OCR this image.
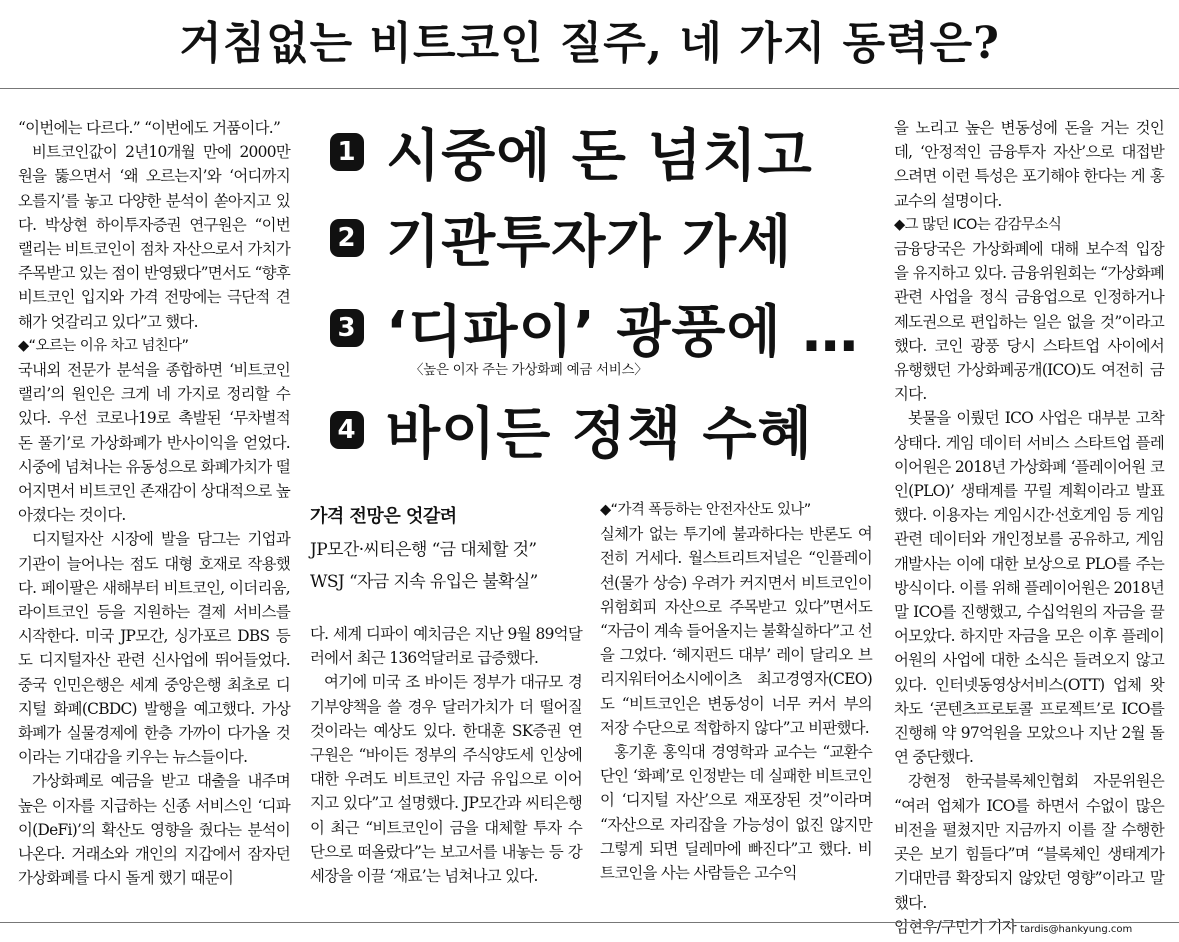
거침없는 비트코인 질주, 네 가지 동력은?

“이번에는 다르다.” “이번에도 거품이다.”

비트코인값이 2년10개월 만에 2000만원을 뚫으면서 ‘왜 오르는지’와 ‘어디까지 오를지’를 놓고 다양한 분석이 쏟아지고 있다. 박상현 하이투자증권 연구원은 “이번 랠리는 비트코인이 점차 자산으로서 가치가 주목받고 있는 점이 반영됐다”면서도 “향후 비트코인 입지와 가격 전망에는 극단적 견해가 엇갈리고 있다”고 했다.

◆“오르는 이유 차고 넘친다”

국내외 전문가 분석을 종합하면 ‘비트코인 랠리’의 원인은 크게 네 가지로 정리할 수 있다. 우선 코로나19로 촉발된 ‘무차별적 돈 풀기’로 가상화폐가 반사이익을 얻었다. 시중에 넘쳐나는 유동성으로 화폐가치가 떨어지면서 비트코인 존재감이 상대적으로 높아졌다는 것이다.

디지털자산 시장에 발을 담그는 기업과 기관이 늘어나는 점도 대형 호재로 작용했다. 페이팔은 새해부터 비트코인, 이더리움, 라이트코인 등을 지원하는 결제 서비스를 시작한다. 미국 JP모간, 싱가포르 DBS 등도 디지털자산 관련 신사업에 뛰어들었다. 중국 인민은행은 세계 중앙은행 최초로 디지털 화폐(CBDC) 발행을 예고했다. 가상화폐가 실물경제에 한층 가까이 다가올 것이라는 기대감을 키우는 뉴스들이다.

가상화폐로 예금을 받고 대출을 내주며 높은 이자를 지급하는 신종 서비스인 ‘디파이(DeFi)’의 확산도 영향을 줬다는 분석이 나온다. 거래소와 개인의 지갑에서 잠자던 가상화폐를 다시 돌게 했기 때문이

1 시중에 돈 넘치고
2 기관투자가 가세
3 ‘디파이’ 광풍에 …
〈높은 이자 주는 가상화폐 예금 서비스〉
4 바이든 정책 수혜
가격 전망은 엇갈려
JP모간·씨티은행 “금 대체할 것”
WSJ “자금 지속 유입은 불확실”

다. 세계 디파이 예치금은 지난 9월 89억달러에서 최근 136억달러로 급증했다.

여기에 미국 조 바이든 정부가 대규모 경기부양책을 쓸 경우 달러가치가 더 떨어질 것이라는 예상도 있다. 한대훈 SK증권 연구원은 “바이든 정부의 주식양도세 인상에 대한 우려도 비트코인 자금 유입으로 이어지고 있다”고 설명했다. JP모간과 씨티은행이 최근 “비트코인이 금을 대체할 투자 수단으로 떠올랐다”는 보고서를 내놓는 등 강세장을 이끌 ‘재료’는 넘쳐나고 있다.

◆“가격 폭등하는 안전자산도 있나”

실체가 없는 투기에 불과하다는 반론도 여전히 거세다. 월스트리트저널은 “인플레이션(물가 상승) 우려가 커지면서 비트코인이 위험회피 자산으로 주목받고 있다”면서도 “자금이 계속 들어올지는 불확실하다”고 선을 그었다. ‘헤지펀드 대부’ 레이 달리오 브리지워터어소시에이츠 최고경영자(CEO)도 “비트코인은 변동성이 너무 커서 부의 저장 수단으로 적합하지 않다”고 비판했다.

홍기훈 홍익대 경영학과 교수는 “교환수단인 ‘화폐’로 인정받는 데 실패한 비트코인이 ‘디지털 자산’으로 재포장된 것”이라며 “자산으로 자리잡을 가능성이 없진 않지만 그렇게 되면 딜레마에 빠진다”고 했다. 비트코인을 사는 사람들은 고수익

을 노리고 높은 변동성에 돈을 거는 것인데, ‘안정적인 금융투자 자산’으로 대접받으려면 이런 특성은 포기해야 한다는 게 홍 교수의 설명이다.

◆그 많던 ICO는 감감무소식

금융당국은 가상화폐에 대해 보수적 입장을 유지하고 있다. 금융위원회는 “가상화폐 관련 사업을 정식 금융업으로 인정하거나 제도권으로 편입하는 일은 없을 것”이라고 했다. 코인 광풍 당시 스타트업 사이에서 유행했던 가상화폐공개(ICO)도 여전히 금지다.

봇물을 이뤘던 ICO 사업은 대부분 고착 상태다. 게임 데이터 서비스 스타트업 플레이어원은 2018년 가상화폐 ‘플레이어원 코인(PLO)’ 생태계를 꾸릴 계획이라고 발표했다. 이용자는 게임시간·선호게임 등 게임 관련 데이터와 개인정보를 공유하고, 게임 개발사는 이에 대한 보상으로 PLO를 주는 방식이다. 이를 위해 플레이어원은 2018년 말 ICO를 진행했고, 수십억원의 자금을 끌어모았다. 하지만 자금을 모은 이후 플레이어원의 사업에 대한 소식은 들려오지 않고 있다. 인터넷동영상서비스(OTT) 업체 왓차도 ‘콘텐츠프로토콜 프로젝트’로 ICO를 진행해 약 97억원을 모았으나 지난 2월 돌연 중단했다.

강현정 한국블록체인협회 자문위원은 “여러 업체가 ICO를 하면서 수없이 많은 비전을 펼쳤지만 지금까지 이를 잘 수행한 곳은 보기 힘들다”며 “블록체인 생태계가 기대만큼 확장되지 않았던 영향”이라고 말했다. 임현우/구민기 기자 tardis@hankyung.com
